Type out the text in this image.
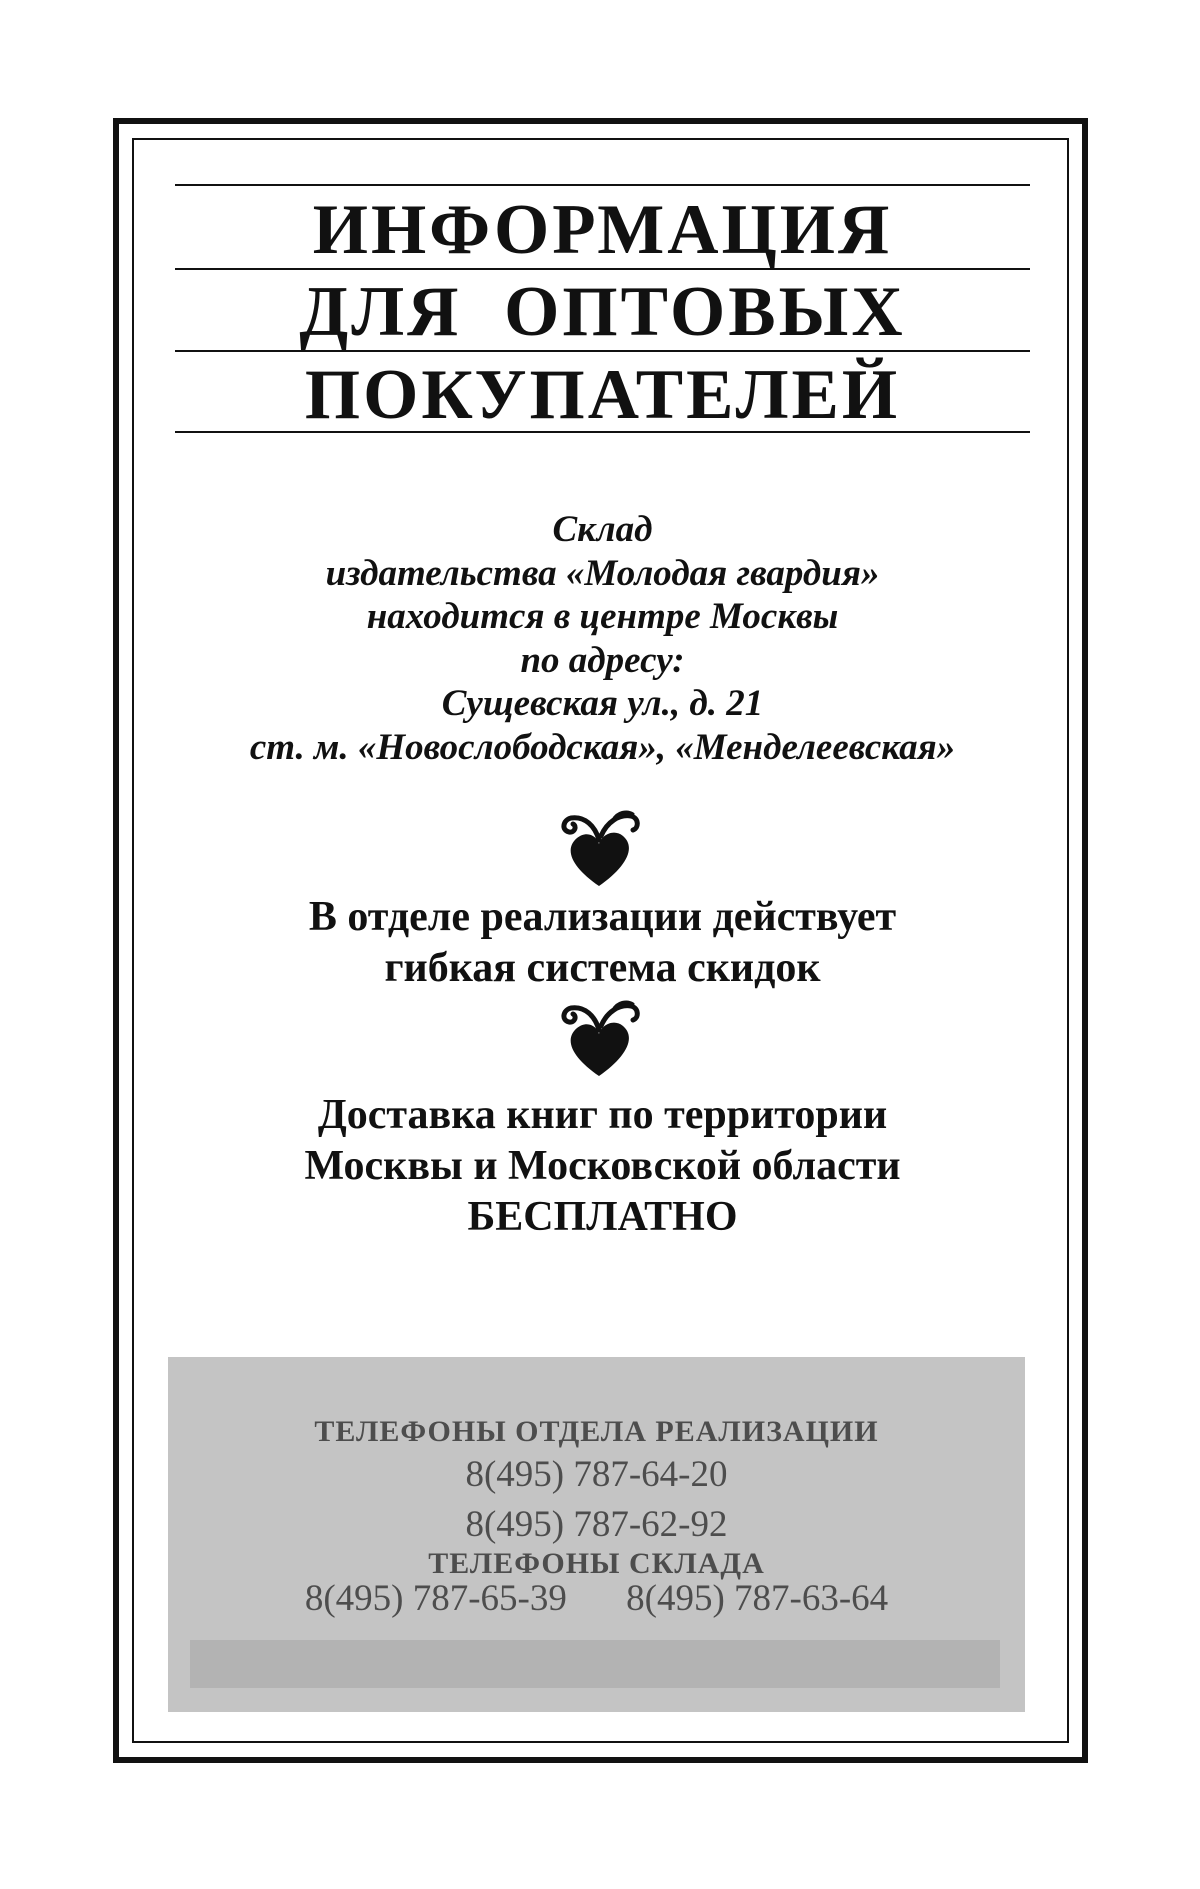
ИНФОРМАЦИЯ
ДЛЯ ОПТОВЫХ
ПОКУПАТЕЛЕЙ
Склад
издательства «Молодая гвардия»
находится в центре Москвы
по адресу:
Сущевская ул., д. 21
ст. м. «Новослободская», «Менделеевская»
В отделе реализации действует
гибкая система скидок
Доставка книг по территории
Москвы и Московской области
БЕСПЛАТНО
ТЕЛЕФОНЫ ОТДЕЛА РЕАЛИЗАЦИИ
8(495) 787-64-20
8(495) 787-62-92
ТЕЛЕФОНЫ СКЛАДА
8(495) 787-65-39 8(495) 787-63-64
